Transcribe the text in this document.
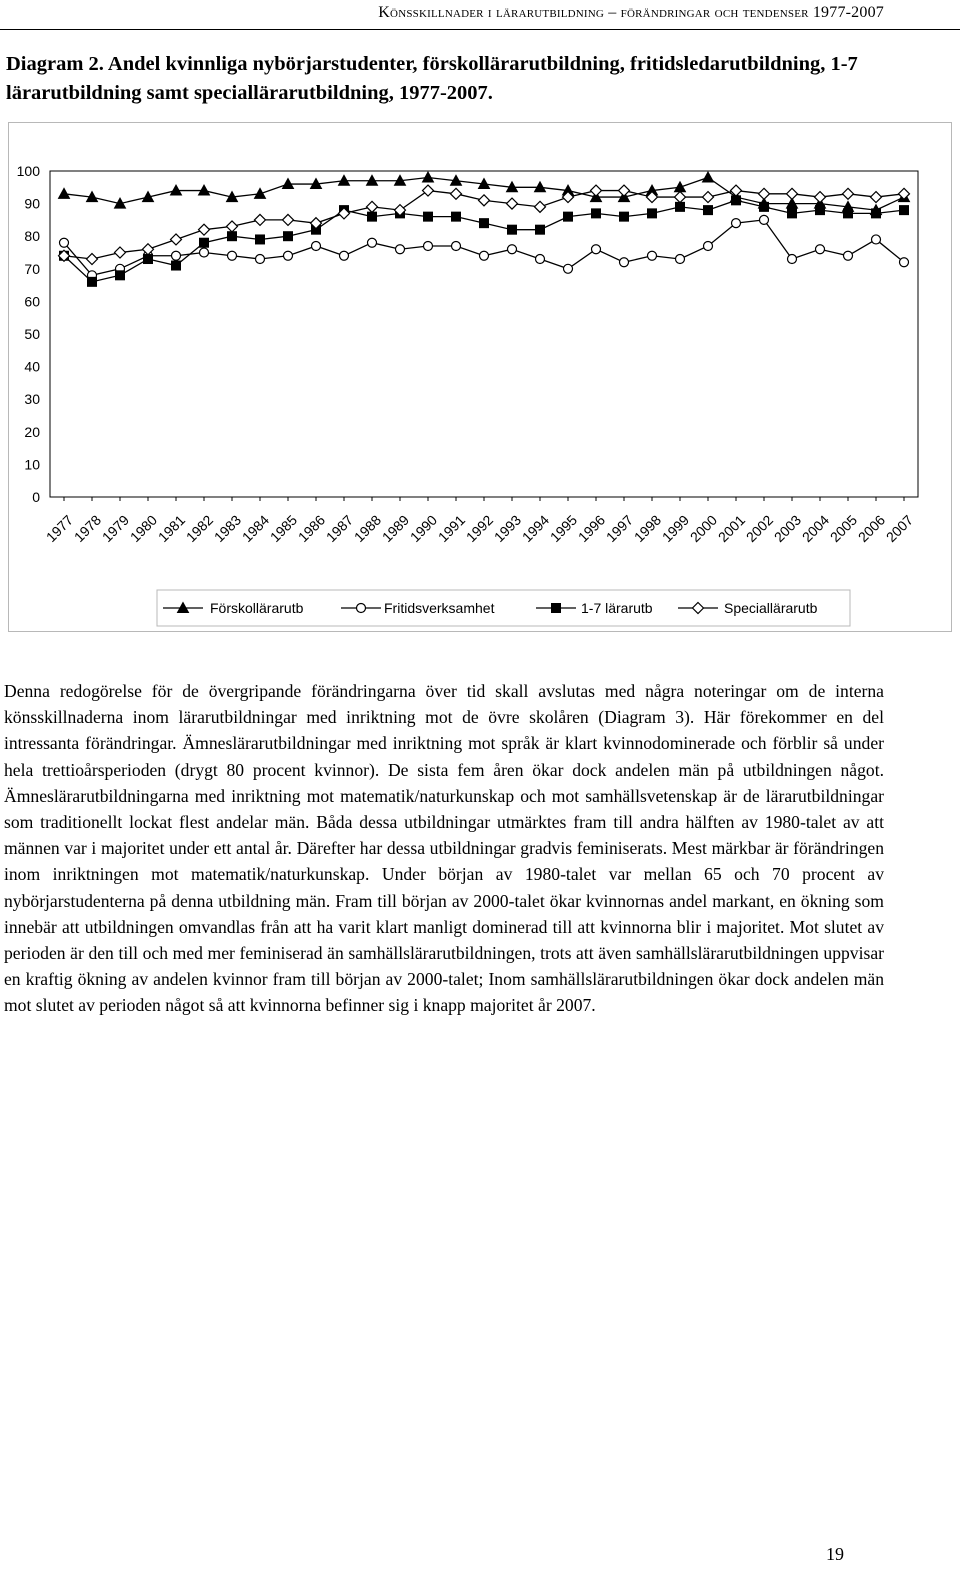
Könsskillnader i lärarutbildning – förändringar och tendenser 1977-2007
Diagram 2. Andel kvinnliga nybörjarstudenter, förskollärarutbildning, fritidsledarutbildning, 1-7 lärarutbildning samt speciallärarutbildning, 1977-2007.
0
10
20
30
40
50
60
70
80
90
100
1977
1978
1979
1980
1981
1982
1983
1984
1985
1986
1987
1988
1989
1990
1991
1992
1993
1994
1995
1996
1997
1998
1999
2000
2001
2002
2003
2004
2005
2006
2007
Förskollärarutb	Fritidsverksamhet	1-7 lärarutb	Speciallärarutb

Denna redogörelse för de övergripande förändringarna över tid skall avslutas med några noteringar om de interna könsskillnaderna inom lärarutbildningar med inriktning mot de övre skolåren (Diagram 3). Här förekommer en del intressanta förändringar. Ämneslärarutbildningar med inriktning mot språk är klart kvinnodominerade och förblir så under hela trettioårsperioden (drygt 80 procent kvinnor). De sista fem åren ökar dock andelen män på utbildningen något. Ämneslärarutbildningarna med inriktning mot matematik/naturkunskap och mot samhällsvetenskap är de lärarutbildningar som traditionellt lockat flest andelar män. Båda dessa utbildningar utmärktes fram till andra hälften av 1980-talet av att männen var i majoritet under ett antal år. Därefter har dessa utbildningar gradvis feminiserats. Mest märkbar är förändringen inom inriktningen mot matematik/naturkunskap. Under början av 1980-talet var mellan 65 och 70 procent av nybörjarstudenterna på denna utbildning män. Fram till början av 2000-talet ökar kvinnornas andel markant, en ökning som innebär att utbildningen omvandlas från att ha varit klart manligt dominerad till att kvinnorna blir i majoritet. Mot slutet av perioden är den till och med mer feminiserad än samhällslärarutbildningen, trots att även samhällslärarutbildningen uppvisar en kraftig ökning av andelen kvinnor fram till början av 2000-talet; Inom samhällslärarutbildningen ökar dock andelen män mot slutet av perioden något så att kvinnorna befinner sig i knapp majoritet år 2007.

19
